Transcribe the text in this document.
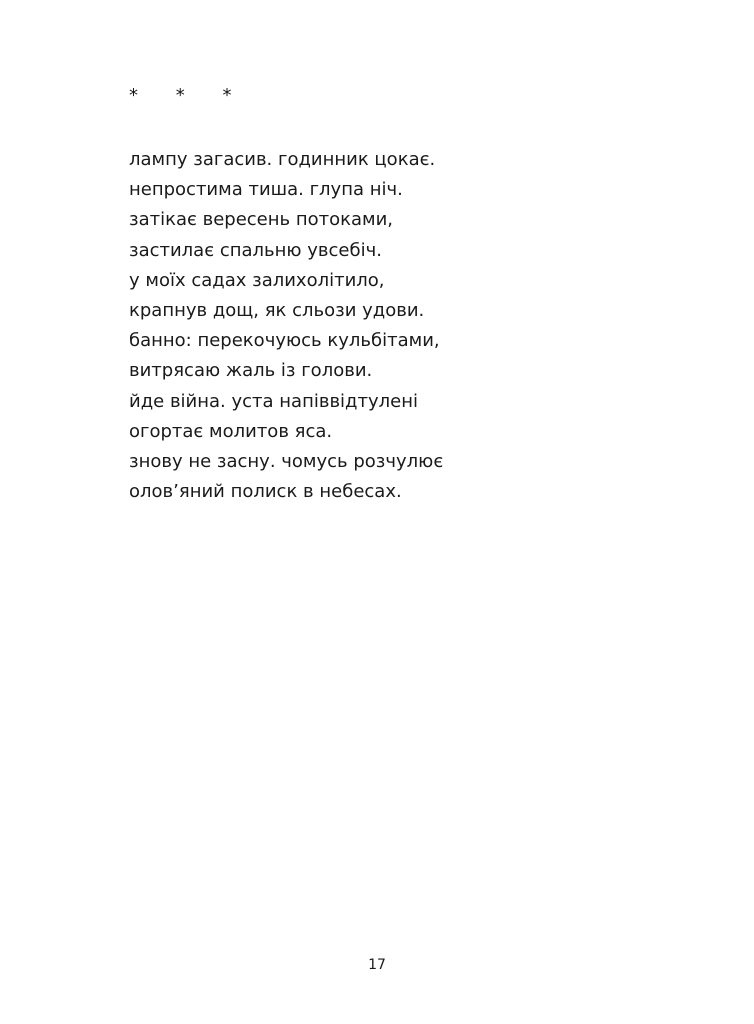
* * *
лампу загасив. годинник цокає.
непростима тиша. глупа ніч.
затікає вересень потоками,
застилає спальню увсебіч.
у моїх садах залихолітило,
крапнув дощ, як сльози удови.
банно: перекочуюсь кульбітами,
витрясаю жаль із голови.
йде війна. уста напіввідтулені
огортає молитов яса.
знову не засну. чомусь розчулює
олов’яний полиск в небесах.
17
